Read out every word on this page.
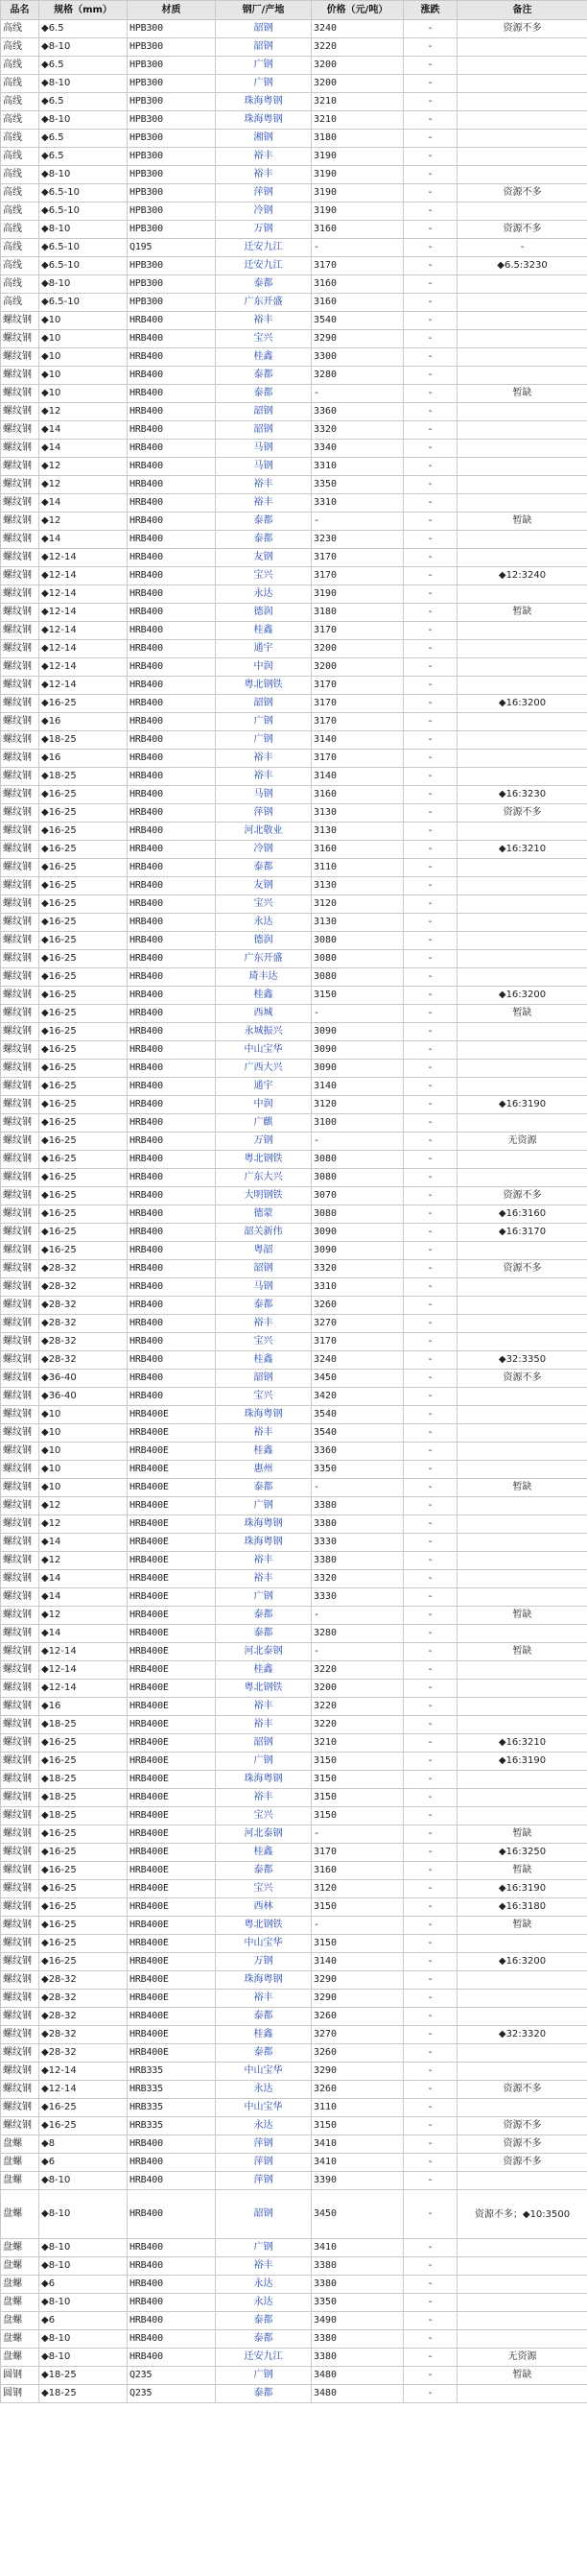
品名	规格（mm）	材质	钢厂/产地	价格（元/吨）	涨跌	备注
高线	◆6.5	HPB300	韶钢	3240	-	资源不多
高线	◆8-10	HPB300	韶钢	3220	-	
高线	◆6.5	HPB300	广钢	3200	-	
高线	◆8-10	HPB300	广钢	3200	-	
高线	◆6.5	HPB300	珠海粤钢	3210	-	
高线	◆8-10	HPB300	珠海粤钢	3210	-	
高线	◆6.5	HPB300	湘钢	3180	-	
高线	◆6.5	HPB300	裕丰	3190	-	
高线	◆8-10	HPB300	裕丰	3190	-	
高线	◆6.5-10	HPB300	萍钢	3190	-	资源不多
高线	◆6.5-10	HPB300	冷钢	3190	-	
高线	◆8-10	HPB300	万钢	3160	-	资源不多
高线	◆6.5-10	Q195	迁安九江	-	-	-
高线	◆6.5-10	HPB300	迁安九江	3170	-	◆6.5:3230
高线	◆8-10	HPB300	泰都	3160	-	
高线	◆6.5-10	HPB300	广东开盛	3160	-	
螺纹钢	◆10	HRB400	裕丰	3540	-	
螺纹钢	◆10	HRB400	宝兴	3290	-	
螺纹钢	◆10	HRB400	桂鑫	3300	-	
螺纹钢	◆10	HRB400	泰都	3280	-	
螺纹钢	◆10	HRB400	泰都	-	-	暂缺
螺纹钢	◆12	HRB400	韶钢	3360	-	
螺纹钢	◆14	HRB400	韶钢	3320	-	
螺纹钢	◆14	HRB400	马钢	3340	-	
螺纹钢	◆12	HRB400	马钢	3310	-	
螺纹钢	◆12	HRB400	裕丰	3350	-	
螺纹钢	◆14	HRB400	裕丰	3310	-	
螺纹钢	◆12	HRB400	泰都	-	-	暂缺
螺纹钢	◆14	HRB400	泰都	3230	-	
螺纹钢	◆12-14	HRB400	友钢	3170	-	
螺纹钢	◆12-14	HRB400	宝兴	3170	-	◆12:3240
螺纹钢	◆12-14	HRB400	永达	3190	-	
螺纹钢	◆12-14	HRB400	德润	3180	-	暂缺
螺纹钢	◆12-14	HRB400	桂鑫	3170	-	
螺纹钢	◆12-14	HRB400	通宇	3200	-	
螺纹钢	◆12-14	HRB400	中润	3200	-	
螺纹钢	◆12-14	HRB400	粤北钢铁	3170	-	
螺纹钢	◆16-25	HRB400	韶钢	3170	-	◆16:3200
螺纹钢	◆16	HRB400	广钢	3170	-	
螺纹钢	◆18-25	HRB400	广钢	3140	-	
螺纹钢	◆16	HRB400	裕丰	3170	-	
螺纹钢	◆18-25	HRB400	裕丰	3140	-	
螺纹钢	◆16-25	HRB400	马钢	3160	-	◆16:3230
螺纹钢	◆16-25	HRB400	萍钢	3130	-	资源不多
螺纹钢	◆16-25	HRB400	河北敬业	3130	-	
螺纹钢	◆16-25	HRB400	冷钢	3160	-	◆16:3210
螺纹钢	◆16-25	HRB400	泰都	3110	-	
螺纹钢	◆16-25	HRB400	友钢	3130	-	
螺纹钢	◆16-25	HRB400	宝兴	3120	-	
螺纹钢	◆16-25	HRB400	永达	3130	-	
螺纹钢	◆16-25	HRB400	德润	3080	-	
螺纹钢	◆16-25	HRB400	广东开盛	3080	-	
螺纹钢	◆16-25	HRB400	琦丰达	3080	-	
螺纹钢	◆16-25	HRB400	桂鑫	3150	-	◆16:3200
螺纹钢	◆16-25	HRB400	西城	-	-	暂缺
螺纹钢	◆16-25	HRB400	永城振兴	3090	-	
螺纹钢	◆16-25	HRB400	中山宝华	3090	-	
螺纹钢	◆16-25	HRB400	广西大兴	3090	-	
螺纹钢	◆16-25	HRB400	通宇	3140	-	
螺纹钢	◆16-25	HRB400	中润	3120	-	◆16:3190
螺纹钢	◆16-25	HRB400	广麒	3100	-	
螺纹钢	◆16-25	HRB400	万钢	-	-	无资源
螺纹钢	◆16-25	HRB400	粤北钢铁	3080	-	
螺纹钢	◆16-25	HRB400	广东大兴	3080	-	
螺纹钢	◆16-25	HRB400	大明钢铁	3070	-	资源不多
螺纹钢	◆16-25	HRB400	德蒙	3080	-	◆16:3160
螺纹钢	◆16-25	HRB400	韶关新伟	3090	-	◆16:3170
螺纹钢	◆16-25	HRB400	粤韶	3090	-	
螺纹钢	◆28-32	HRB400	韶钢	3320	-	资源不多
螺纹钢	◆28-32	HRB400	马钢	3310	-	
螺纹钢	◆28-32	HRB400	泰都	3260	-	
螺纹钢	◆28-32	HRB400	裕丰	3270	-	
螺纹钢	◆28-32	HRB400	宝兴	3170	-	
螺纹钢	◆28-32	HRB400	桂鑫	3240	-	◆32:3350
螺纹钢	◆36-40	HRB400	韶钢	3450	-	资源不多
螺纹钢	◆36-40	HRB400	宝兴	3420	-	
螺纹钢	◆10	HRB400E	珠海粤钢	3540	-	
螺纹钢	◆10	HRB400E	裕丰	3540	-	
螺纹钢	◆10	HRB400E	桂鑫	3360	-	
螺纹钢	◆10	HRB400E	惠州	3350	-	
螺纹钢	◆10	HRB400E	泰都	-	-	暂缺
螺纹钢	◆12	HRB400E	广钢	3380	-	
螺纹钢	◆12	HRB400E	珠海粤钢	3380	-	
螺纹钢	◆14	HRB400E	珠海粤钢	3330	-	
螺纹钢	◆12	HRB400E	裕丰	3380	-	
螺纹钢	◆14	HRB400E	裕丰	3320	-	
螺纹钢	◆14	HRB400E	广钢	3330	-	
螺纹钢	◆12	HRB400E	泰都	-	-	暂缺
螺纹钢	◆14	HRB400E	泰都	3280	-	
螺纹钢	◆12-14	HRB400E	河北泰钢	-	-	暂缺
螺纹钢	◆12-14	HRB400E	桂鑫	3220	-	
螺纹钢	◆12-14	HRB400E	粤北钢铁	3200	-	
螺纹钢	◆16	HRB400E	裕丰	3220	-	
螺纹钢	◆18-25	HRB400E	裕丰	3220	-	
螺纹钢	◆16-25	HRB400E	韶钢	3210	-	◆16:3210
螺纹钢	◆16-25	HRB400E	广钢	3150	-	◆16:3190
螺纹钢	◆18-25	HRB400E	珠海粤钢	3150	-	
螺纹钢	◆18-25	HRB400E	裕丰	3150	-	
螺纹钢	◆18-25	HRB400E	宝兴	3150	-	
螺纹钢	◆16-25	HRB400E	河北泰钢	-	-	暂缺
螺纹钢	◆16-25	HRB400E	桂鑫	3170	-	◆16:3250
螺纹钢	◆16-25	HRB400E	泰都	3160	-	暂缺
螺纹钢	◆16-25	HRB400E	宝兴	3120	-	◆16:3190
螺纹钢	◆16-25	HRB400E	西林	3150	-	◆16:3180
螺纹钢	◆16-25	HRB400E	粤北钢铁	-	-	暂缺
螺纹钢	◆16-25	HRB400E	中山宝华	3150	-	
螺纹钢	◆16-25	HRB400E	万钢	3140	-	◆16:3200
螺纹钢	◆28-32	HRB400E	珠海粤钢	3290	-	
螺纹钢	◆28-32	HRB400E	裕丰	3290	-	
螺纹钢	◆28-32	HRB400E	泰都	3260	-	
螺纹钢	◆28-32	HRB400E	桂鑫	3270	-	◆32:3320
螺纹钢	◆28-32	HRB400E	泰都	3260	-	
螺纹钢	◆12-14	HRB335	中山宝华	3290	-	
螺纹钢	◆12-14	HRB335	永达	3260	-	资源不多
螺纹钢	◆16-25	HRB335	中山宝华	3110	-	
螺纹钢	◆16-25	HRB335	永达	3150	-	资源不多
盘螺	◆8	HRB400	萍钢	3410	-	资源不多
盘螺	◆6	HRB400	萍钢	3410	-	资源不多
盘螺	◆8-10	HRB400	萍钢	3390	-	
盘螺	◆8-10	HRB400	韶钢	3450	-	资源不多；◆10:3500
盘螺	◆8-10	HRB400	广钢	3410	-	
盘螺	◆8-10	HRB400	裕丰	3380	-	
盘螺	◆6	HRB400	永达	3380	-	
盘螺	◆8-10	HRB400	永达	3350	-	
盘螺	◆6	HRB400	泰都	3490	-	
盘螺	◆8-10	HRB400	泰都	3380	-	
盘螺	◆8-10	HRB400	迁安九江	3380	-	无资源
圆钢	◆18-25	Q235	广钢	3480	-	暂缺
圆钢	◆18-25	Q235	泰都	3480	-	
